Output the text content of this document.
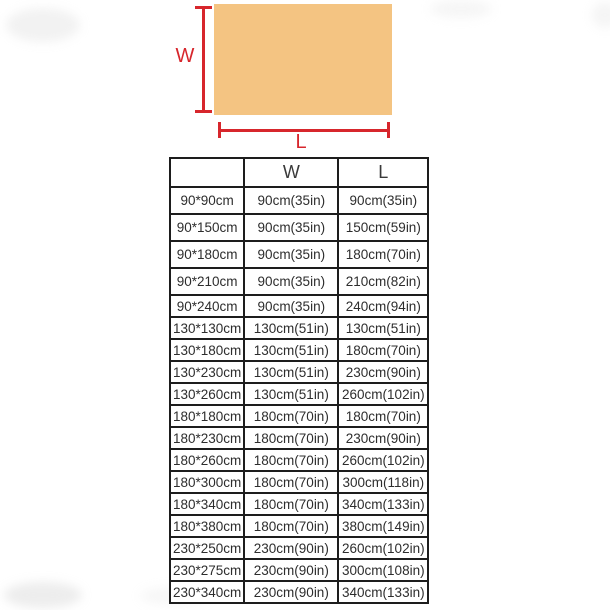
W
L
	W	L
90*90cm	90cm(35in)	90cm(35in)
90*150cm	90cm(35in)	150cm(59in)
90*180cm	90cm(35in)	180cm(70in)
90*210cm	90cm(35in)	210cm(82in)
90*240cm	90cm(35in)	240cm(94in)
130*130cm	130cm(51in)	130cm(51in)
130*180cm	130cm(51in)	180cm(70in)
130*230cm	130cm(51in)	230cm(90in)
130*260cm	130cm(51in)	260cm(102in)
180*180cm	180cm(70in)	180cm(70in)
180*230cm	180cm(70in)	230cm(90in)
180*260cm	180cm(70in)	260cm(102in)
180*300cm	180cm(70in)	300cm(118in)
180*340cm	180cm(70in)	340cm(133in)
180*380cm	180cm(70in)	380cm(149in)
230*250cm	230cm(90in)	260cm(102in)
230*275cm	230cm(90in)	300cm(108in)
230*340cm	230cm(90in)	340cm(133in)
